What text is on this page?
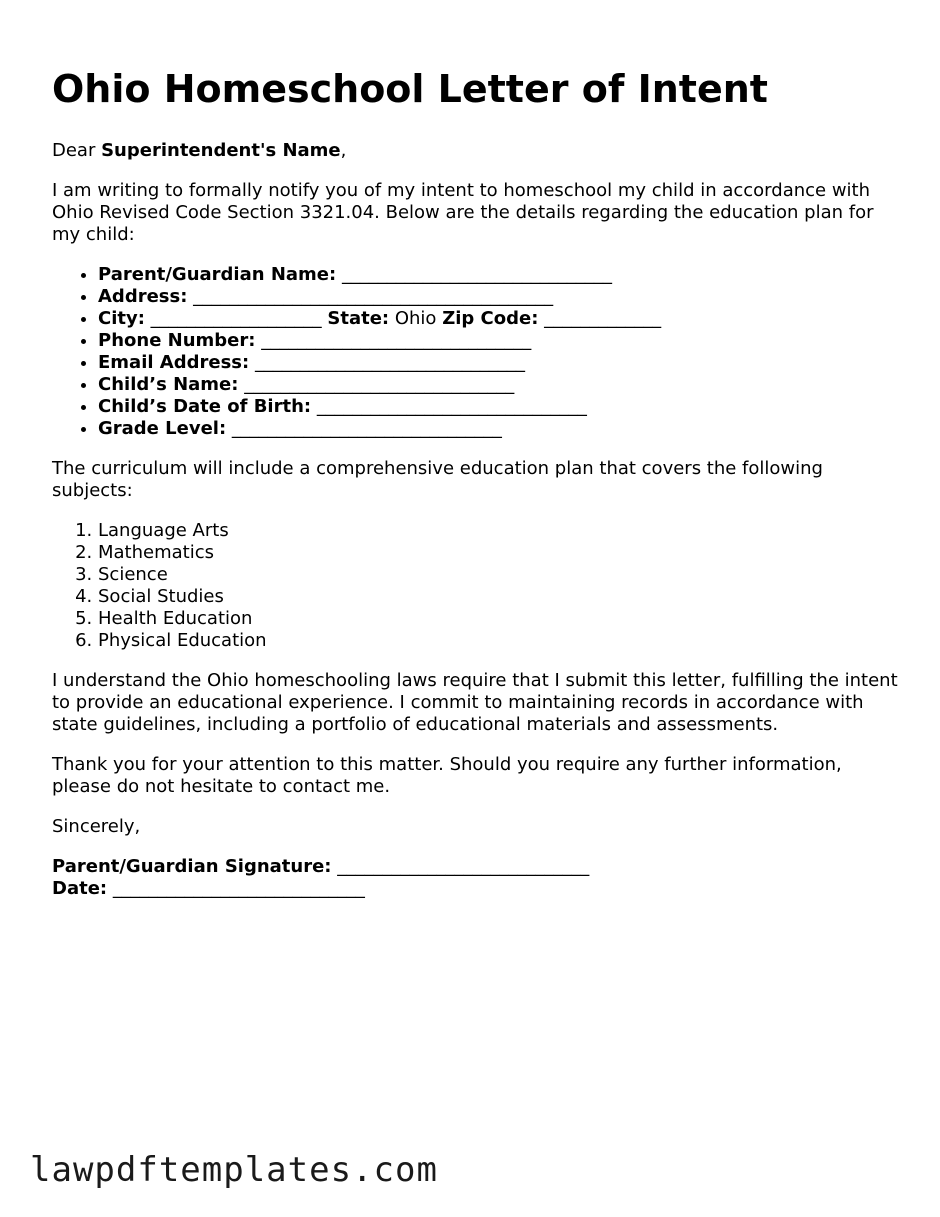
Ohio Homeschool Letter of Intent

Dear Superintendent's Name,

I am writing to formally notify you of my intent to homeschool my child in accordance with Ohio Revised Code Section 3321.04. Below are the details regarding the education plan for my child:

• Parent/Guardian Name: ______________________________
• Address: ________________________________________
• City: ___________________ State: Ohio Zip Code: _____________
• Phone Number: ______________________________
• Email Address: ______________________________
• Child’s Name: ______________________________
• Child’s Date of Birth: ______________________________
• Grade Level: ______________________________

The curriculum will include a comprehensive education plan that covers the following subjects:

1. Language Arts
2. Mathematics
3. Science
4. Social Studies
5. Health Education
6. Physical Education

I understand the Ohio homeschooling laws require that I submit this letter, fulfilling the intent to provide an educational experience. I commit to maintaining records in accordance with state guidelines, including a portfolio of educational materials and assessments.

Thank you for your attention to this matter. Should you require any further information, please do not hesitate to contact me.

Sincerely,

Parent/Guardian Signature: ____________________________
Date: ____________________________

lawpdftemplates.com
